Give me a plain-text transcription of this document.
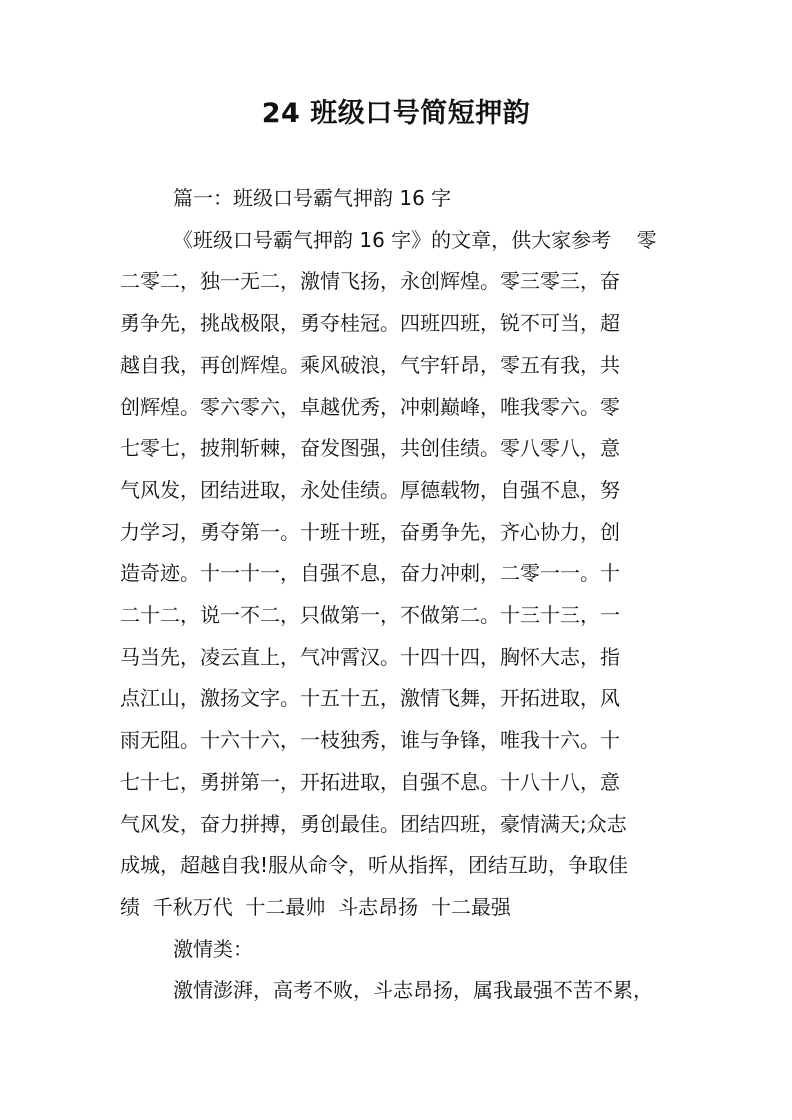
24 班级口号简短押韵
篇一：班级口号霸气押韵 16 字
《班级口号霸气押韵 16 字》的文章，供大家参考    零
二零二，独一无二，激情飞扬，永创辉煌。零三零三，奋
勇争先，挑战极限，勇夺桂冠。四班四班，锐不可当，超
越自我，再创辉煌。乘风破浪，气宇轩昂，零五有我，共
创辉煌。零六零六，卓越优秀，冲刺巅峰，唯我零六。零
七零七，披荆斩棘，奋发图强，共创佳绩。零八零八，意
气风发，团结进取，永处佳绩。厚德载物，自强不息，努
力学习，勇夺第一。十班十班，奋勇争先，齐心协力，创
造奇迹。十一十一，自强不息，奋力冲刺，二零一一。十
二十二，说一不二，只做第一，不做第二。十三十三，一
马当先，凌云直上，气冲霄汉。十四十四，胸怀大志，指
点江山，激扬文字。十五十五，激情飞舞，开拓进取，风
雨无阻。十六十六，一枝独秀，谁与争锋，唯我十六。十
七十七，勇拼第一，开拓进取，自强不息。十八十八，意
气风发，奋力拼搏，勇创最佳。团结四班，豪情满天;众志
成城，超越自我!服从命令，听从指挥，团结互助，争取佳
绩  千秋万代  十二最帅  斗志昂扬  十二最强
激情类：
激情澎湃，高考不败，斗志昂扬，属我最强不苦不累，
